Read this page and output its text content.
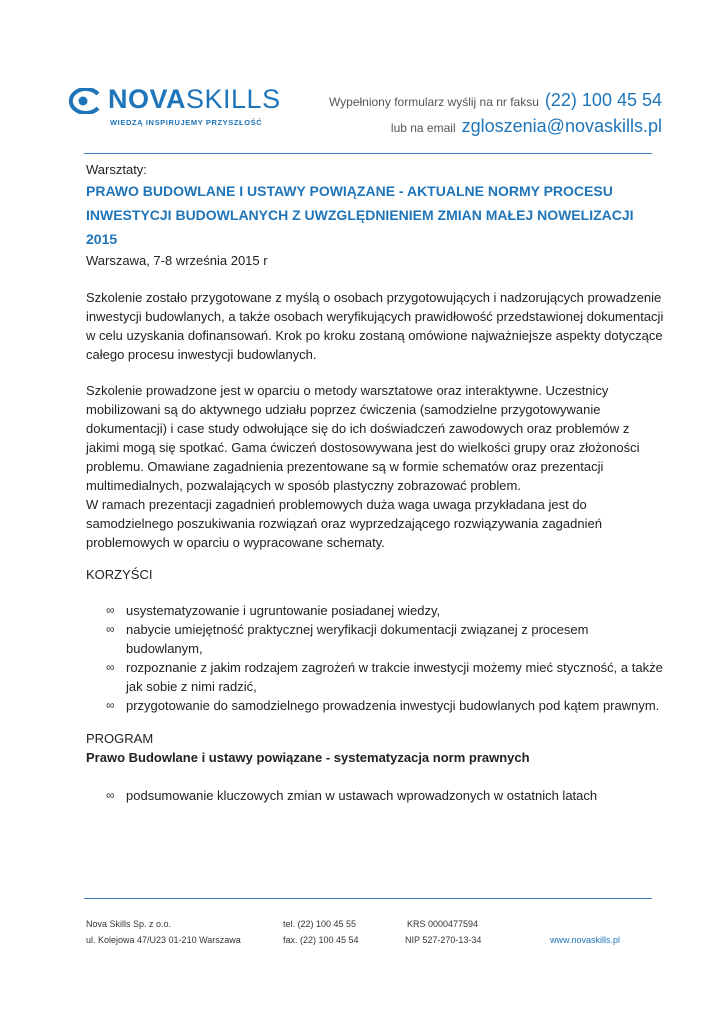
NOVASKILLS
WIEDZĄ INSPIRUJEMY PRZYSZŁOŚĆ
Wypełniony formularz wyślij na nr faksu (22) 100 45 54
lub na email zgloszenia@novaskills.pl

Warsztaty:

PRAWO BUDOWLANE I USTAWY POWIĄZANE - AKTUALNE NORMY PROCESU
INWESTYCJI BUDOWLANYCH Z UWZGLĘDNIENIEM ZMIAN MAŁEJ NOWELIZACJI
2015

Warszawa, 7-8 września 2015 r

Szkolenie zostało przygotowane z myślą o osobach przygotowujących i nadzorujących prowadzenie inwestycji budowlanych, a także osobach weryfikujących prawidłowość przedstawionej dokumentacji w celu uzyskania dofinansowań. Krok po kroku zostaną omówione najważniejsze aspekty dotyczące całego procesu inwestycji budowlanych.

Szkolenie prowadzone jest w oparciu o metody warsztatowe oraz interaktywne. Uczestnicy mobilizowani są do aktywnego udziału poprzez ćwiczenia (samodzielne przygotowywanie dokumentacji) i case study odwołujące się do ich doświadczeń zawodowych oraz problemów z jakimi mogą się spotkać. Gama ćwiczeń dostosowywana jest do wielkości grupy oraz złożoności problemu. Omawiane zagadnienia prezentowane są w formie schematów oraz prezentacji multimedialnych, pozwalających w sposób plastyczny zobrazować problem.

W ramach prezentacji zagadnień problemowych duża waga uwaga przykładana jest do samodzielnego poszukiwania rozwiązań oraz wyprzedzającego rozwiązywania zagadnień problemowych w oparciu o wypracowane schematy.

KORZYŚCI

∞ usystematyzowanie i ugruntowanie posiadanej wiedzy,
∞ nabycie umiejętność praktycznej weryfikacji dokumentacji związanej z procesem budowlanym,
∞ rozpoznanie z jakim rodzajem zagrożeń w trakcie inwestycji możemy mieć styczność, a także jak sobie z nimi radzić,
∞ przygotowanie do samodzielnego prowadzenia inwestycji budowlanych pod kątem prawnym.

PROGRAM

Prawo Budowlane i ustawy powiązane - systematyzacja norm prawnych

∞ podsumowanie kluczowych zmian w ustawach wprowadzonych w ostatnich latach
Nova Skills Sp. z o.o.
ul. Kolejowa 47/U23 01-210 Warszawa
tel. (22) 100 45 55
fax. (22) 100 45 54
KRS 0000477594
NIP 527-270-13-34	www.novaskills.pl
